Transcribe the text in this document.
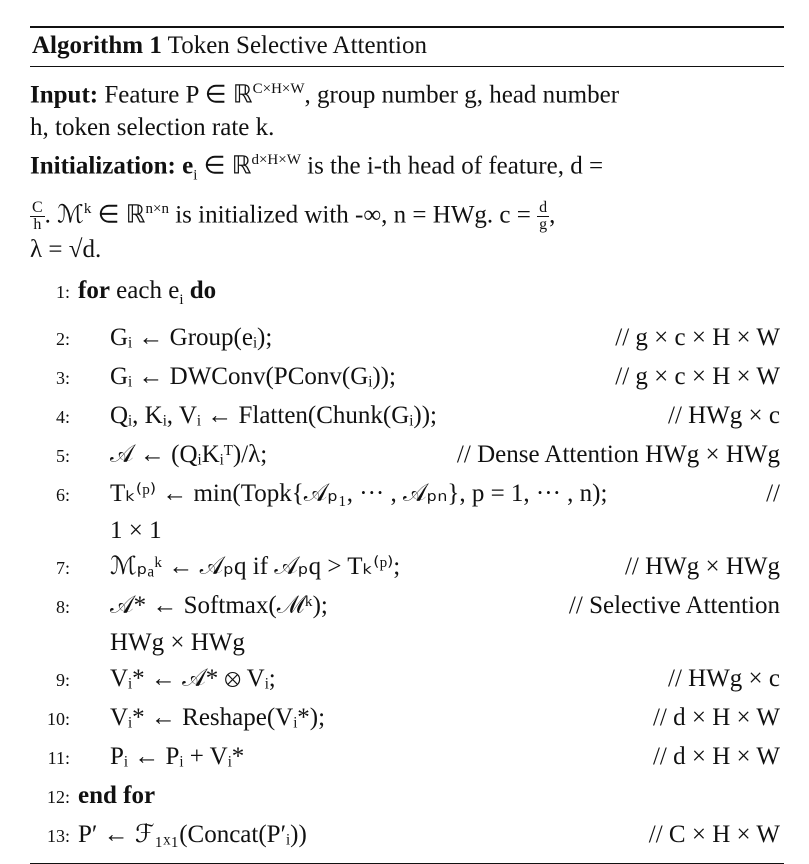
Algorithm 1 Token Selective Attention
Input: Feature P ∈ ℝ$^{C\times H\times W}$, group number g, head number
h, token selection rate k.
Initialization: $e_i$ ∈ ℝ$^{d\times H\times W}$ is the i-th head of feature, d =
$\frac{C}{h}$ . ℳ$^k$ ∈ ℝ$^{n\times n}$ is initialized with -∞, n = HWg. $c = \frac{d}{g}$ ,
λ = √d.
1: for each $e_i$ do
2:	Gᵢ ← Group(eᵢ);	// g × c × H × W
3:	Gᵢ ← DWConv(PConv(Gᵢ));	// g × c × H × W
4:	Qᵢ, Kᵢ, Vᵢ ← Flatten(Chunk(Gᵢ));	// HWg × c
5:	𝒜 ← (QᵢKᵢᵀ)/λ;	// Dense Attention HWg × HWg
6:	Tₖ⁽ᵖ⁾ ← min(Topk{𝒜ₚ₁, ··· , 𝒜ₚₙ}, p = 1, ··· , n);	//
1 × 1
7:	ℳₚₐᵏ ← 𝒜ₚq if 𝒜ₚq > Tₖ⁽ᵖ⁾;	// HWg × HWg
8:	𝒜* ← Softmax(ℳᵏ);	// Selective Attention
HWg × HWg
9:	Vᵢ* ← 𝒜* ⊗ Vᵢ;	// HWg × c
10:	Vᵢ* ← Reshape(Vᵢ*);	// d × H × W
11:	Pᵢ ← Pᵢ + Vᵢ*	// d × H × W
12: end for
13: P′ ← ℱ₁ₓ₁(Concat(P′ᵢ))	// C × H × W
